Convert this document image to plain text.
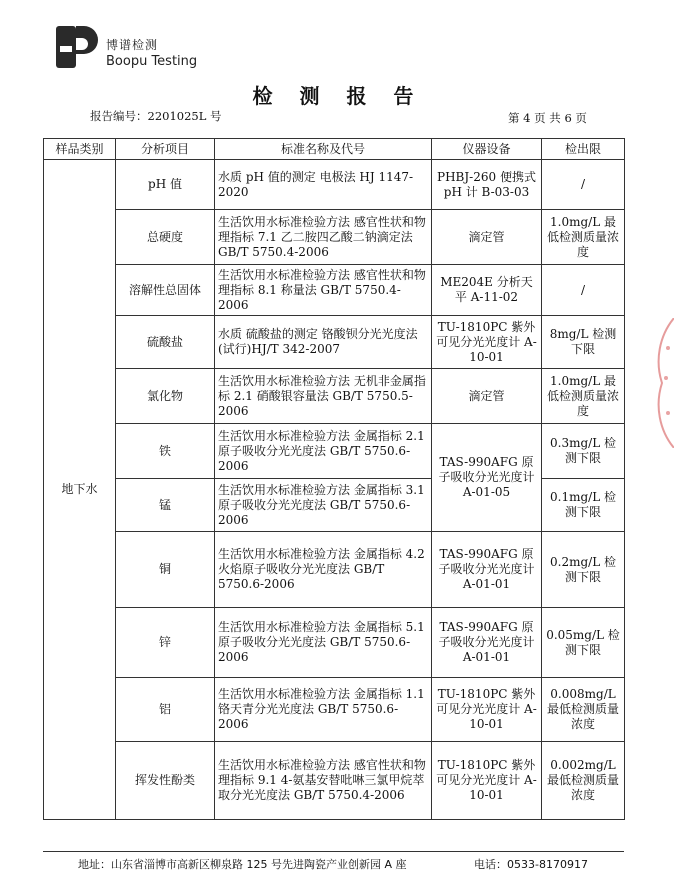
博谱检测
Boopu Testing
检 测 报 告
报告编号：2201025L 号	第 4 页 共 6 页
样品类别	分析项目	标准名称及代号	仪器设备	检出限
地下水	pH 值	水质 pH 值的测定 电极法 HJ 1147-2020	PHBJ-260 便携式 pH 计 B-03-03	/
	总硬度	生活饮用水标准检验方法 感官性状和物理指标 7.1 乙二胺四乙酸二钠滴定法 GB/T 5750.4-2006	滴定管	1.0mg/L 最低检测质量浓度
	溶解性总固体	生活饮用水标准检验方法 感官性状和物理指标 8.1 称量法 GB/T 5750.4-2006	ME204E 分析天平 A-11-02	/
	硫酸盐	水质 硫酸盐的测定 铬酸钡分光光度法(试行)HJ/T 342-2007	TU-1810PC 紫外可见分光光度计 A-10-01	8mg/L 检测下限
	氯化物	生活饮用水标准检验方法 无机非金属指标 2.1 硝酸银容量法 GB/T 5750.5-2006	滴定管	1.0mg/L 最低检测质量浓度
	铁	生活饮用水标准检验方法 金属指标 2.1 原子吸收分光光度法 GB/T 5750.6-2006	TAS-990AFG 原子吸收分光光度计 A-01-05	0.3mg/L 检测下限
	锰	生活饮用水标准检验方法 金属指标 3.1 原子吸收分光光度法 GB/T 5750.6-2006		0.1mg/L 检测下限
	铜	生活饮用水标准检验方法 金属指标 4.2 火焰原子吸收分光光度法 GB/T 5750.6-2006	TAS-990AFG 原子吸收分光光度计 A-01-01	0.2mg/L 检测下限
	锌	生活饮用水标准检验方法 金属指标 5.1 原子吸收分光光度法 GB/T 5750.6-2006	TAS-990AFG 原子吸收分光光度计 A-01-01	0.05mg/L 检测下限
	铝	生活饮用水标准检验方法 金属指标 1.1 铬天青分光光度法 GB/T 5750.6-2006	TU-1810PC 紫外可见分光光度计 A-10-01	0.008mg/L 最低检测质量浓度
	挥发性酚类	生活饮用水标准检验方法 感官性状和物理指标 9.1 4-氨基安替吡啉三氯甲烷萃取分光光度法 GB/T 5750.4-2006	TU-1810PC 紫外可见分光光度计 A-10-01	0.002mg/L 最低检测质量浓度
地址：山东省淄博市高新区柳泉路 125 号先进陶瓷产业创新园 A 座	电话：0533-8170917
